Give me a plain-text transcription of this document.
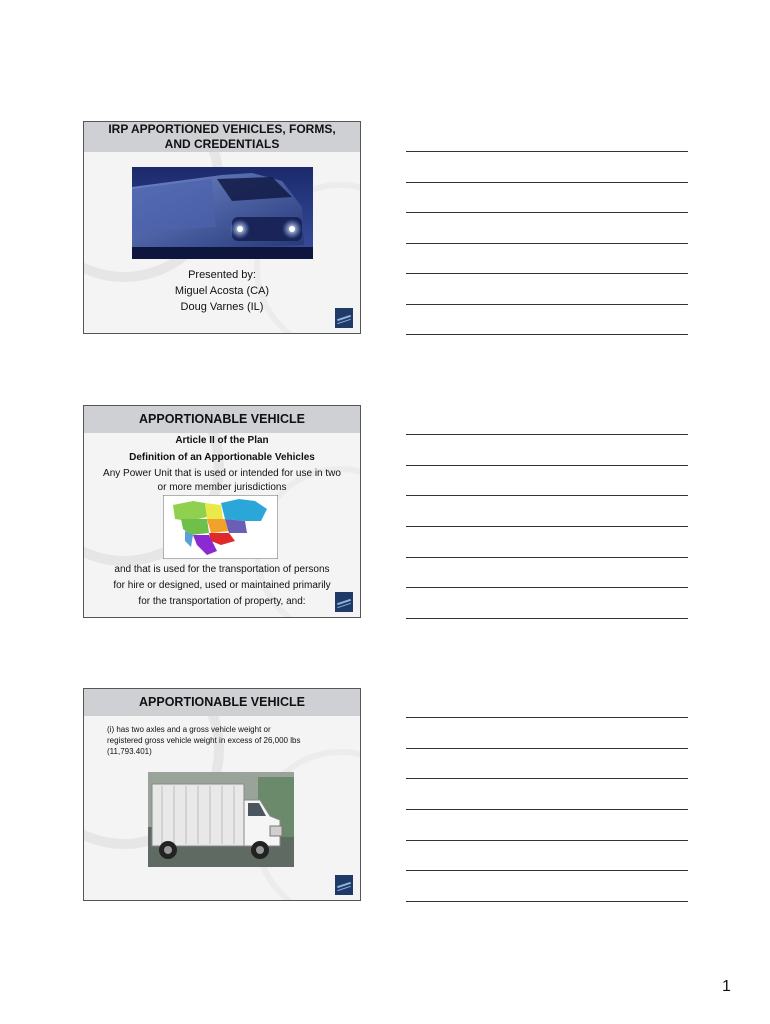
IRP APPORTIONED VEHICLES, FORMS,
AND CREDENTIALS
Presented by:
Miguel Acosta (CA)
Doug Varnes (IL)
APPORTIONABLE VEHICLE
Article II of the Plan
Definition of an Apportionable Vehicles
Any Power Unit that is used or intended for use in two
or more member jurisdictions
and that is used for the transportation of persons
for hire or designed, used or maintained primarily
for the transportation of property, and:
APPORTIONABLE VEHICLE
(i) has two axles and a gross vehicle weight or
registered gross vehicle weight in excess of 26,000 lbs
(11,793.401)
1
